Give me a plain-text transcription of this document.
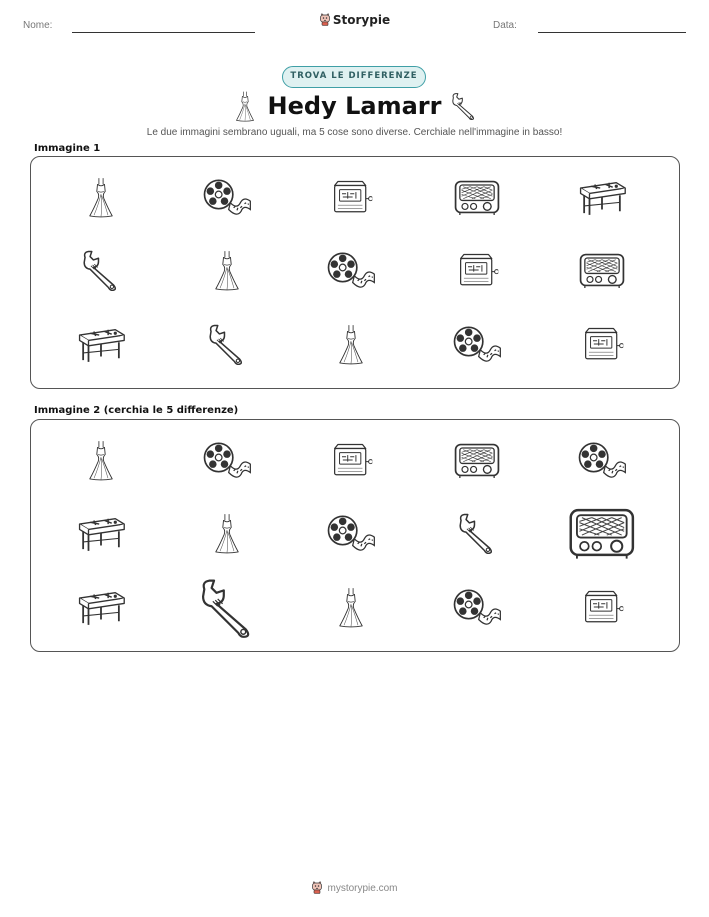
Nome:	Storypie	Data:
TROVA LE DIFFERENZE
Hedy Lamarr
Le due immagini sembrano uguali, ma 5 cose sono diverse. Cerchiale nell'immagine in basso!
Immagine 1
Immagine 2 (cerchia le 5 differenze)
mystorypie.com
